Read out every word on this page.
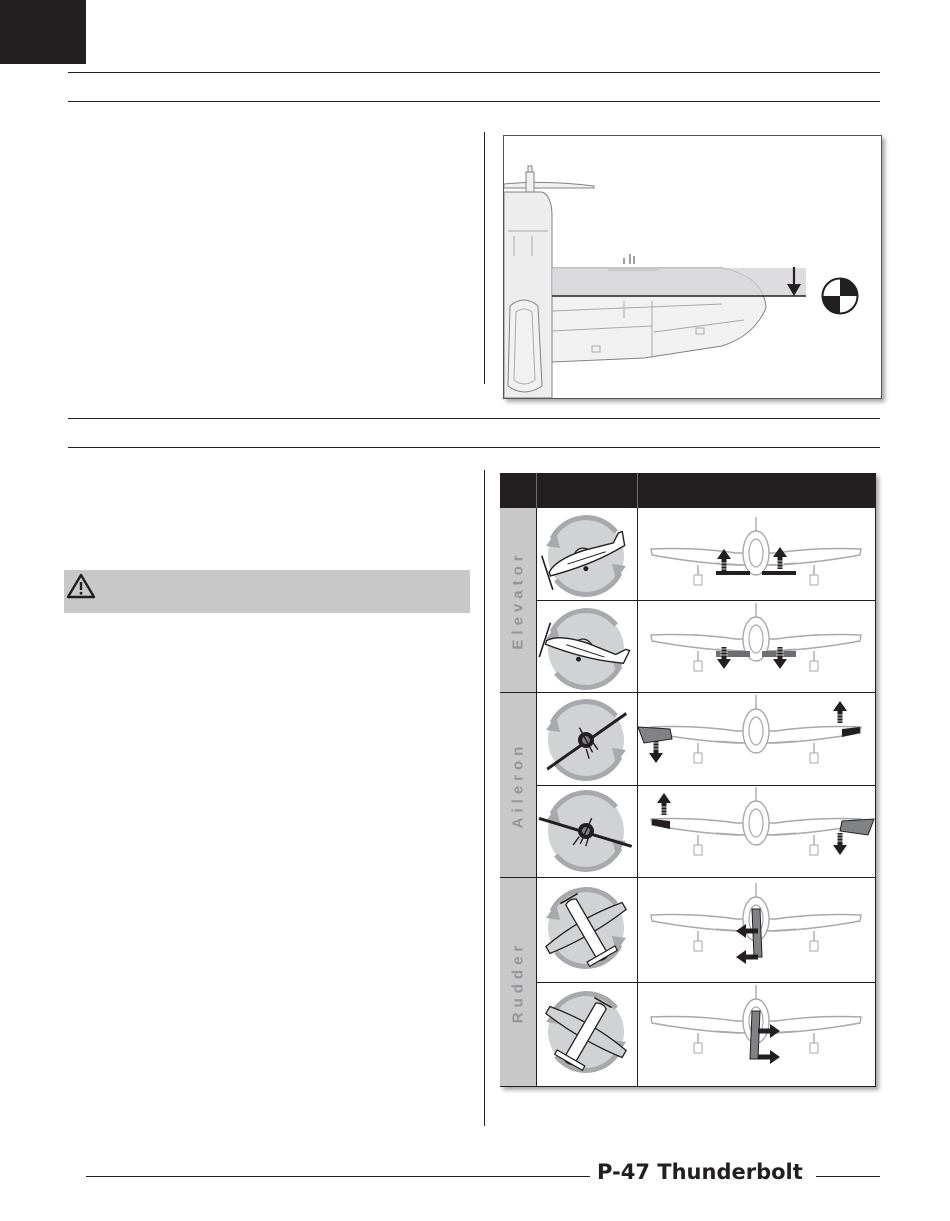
Elevator
Aileron
Rudder
P-47 Thunderbolt
